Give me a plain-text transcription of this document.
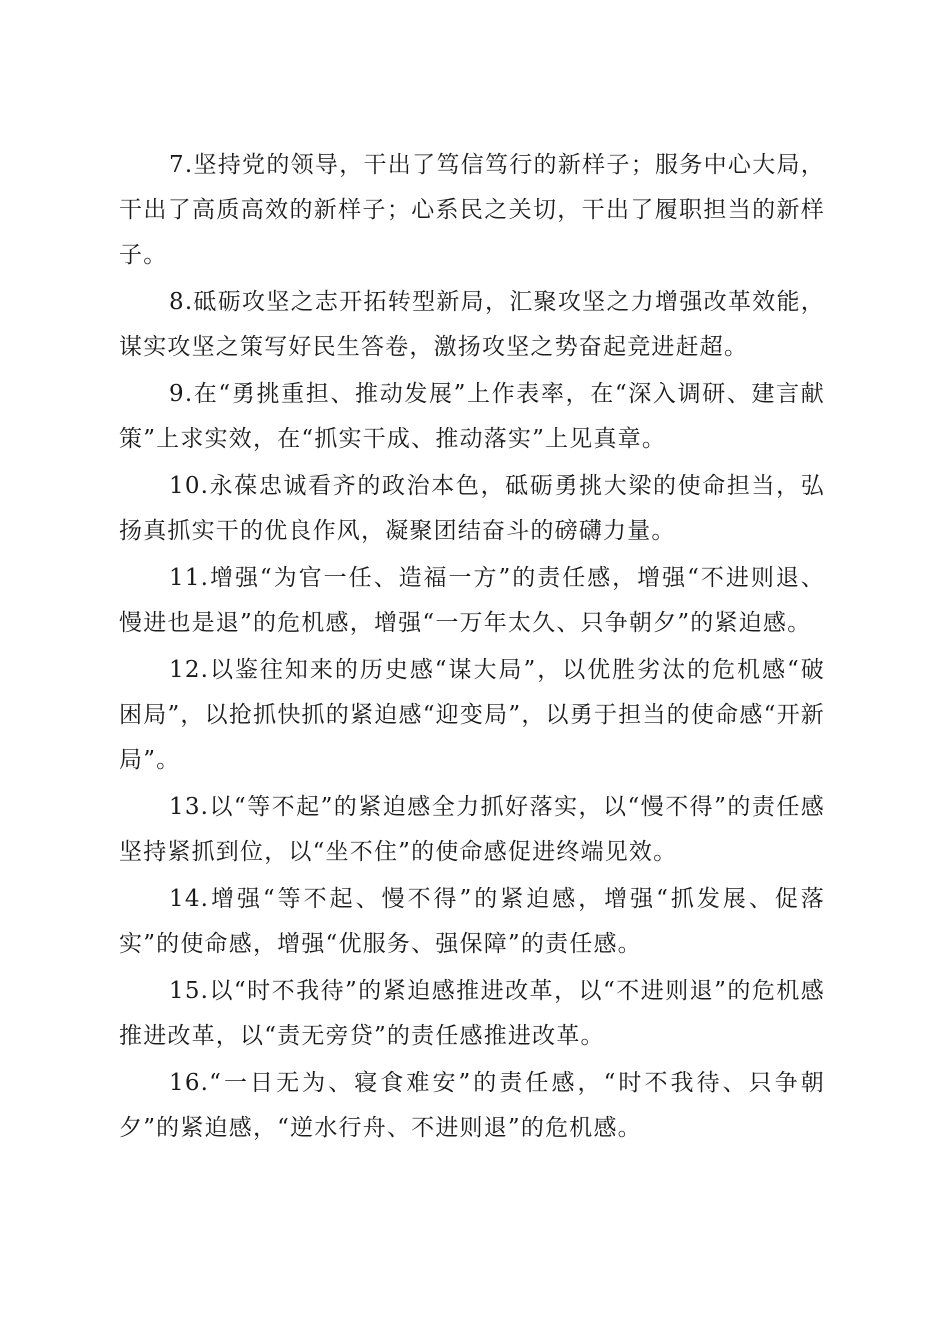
7.坚持党的领导，干出了笃信笃行的新样子；服务中心大局，干出了高质高效的新样子；心系民之关切，干出了履职担当的新样子。

8.砥砺攻坚之志开拓转型新局，汇聚攻坚之力增强改革效能，谋实攻坚之策写好民生答卷，激扬攻坚之势奋起竞进赶超。

9.在“勇挑重担、推动发展”上作表率，在“深入调研、建言献策”上求实效，在“抓实干成、推动落实”上见真章。

10.永葆忠诚看齐的政治本色，砥砺勇挑大梁的使命担当，弘扬真抓实干的优良作风，凝聚团结奋斗的磅礴力量。

11.增强“为官一任、造福一方”的责任感，增强“不进则退、慢进也是退”的危机感，增强“一万年太久、只争朝夕”的紧迫感。

12.以鉴往知来的历史感“谋大局”，以优胜劣汰的危机感“破困局”，以抢抓快抓的紧迫感“迎变局”，以勇于担当的使命感“开新局”。

13.以“等不起”的紧迫感全力抓好落实，以“慢不得”的责任感坚持紧抓到位，以“坐不住”的使命感促进终端见效。

14.增强“等不起、慢不得”的紧迫感，增强“抓发展、促落实”的使命感，增强“优服务、强保障”的责任感。

15.以“时不我待”的紧迫感推进改革，以“不进则退”的危机感推进改革，以“责无旁贷”的责任感推进改革。

16.“一日无为、寝食难安”的责任感，“时不我待、只争朝夕”的紧迫感，“逆水行舟、不进则退”的危机感。
